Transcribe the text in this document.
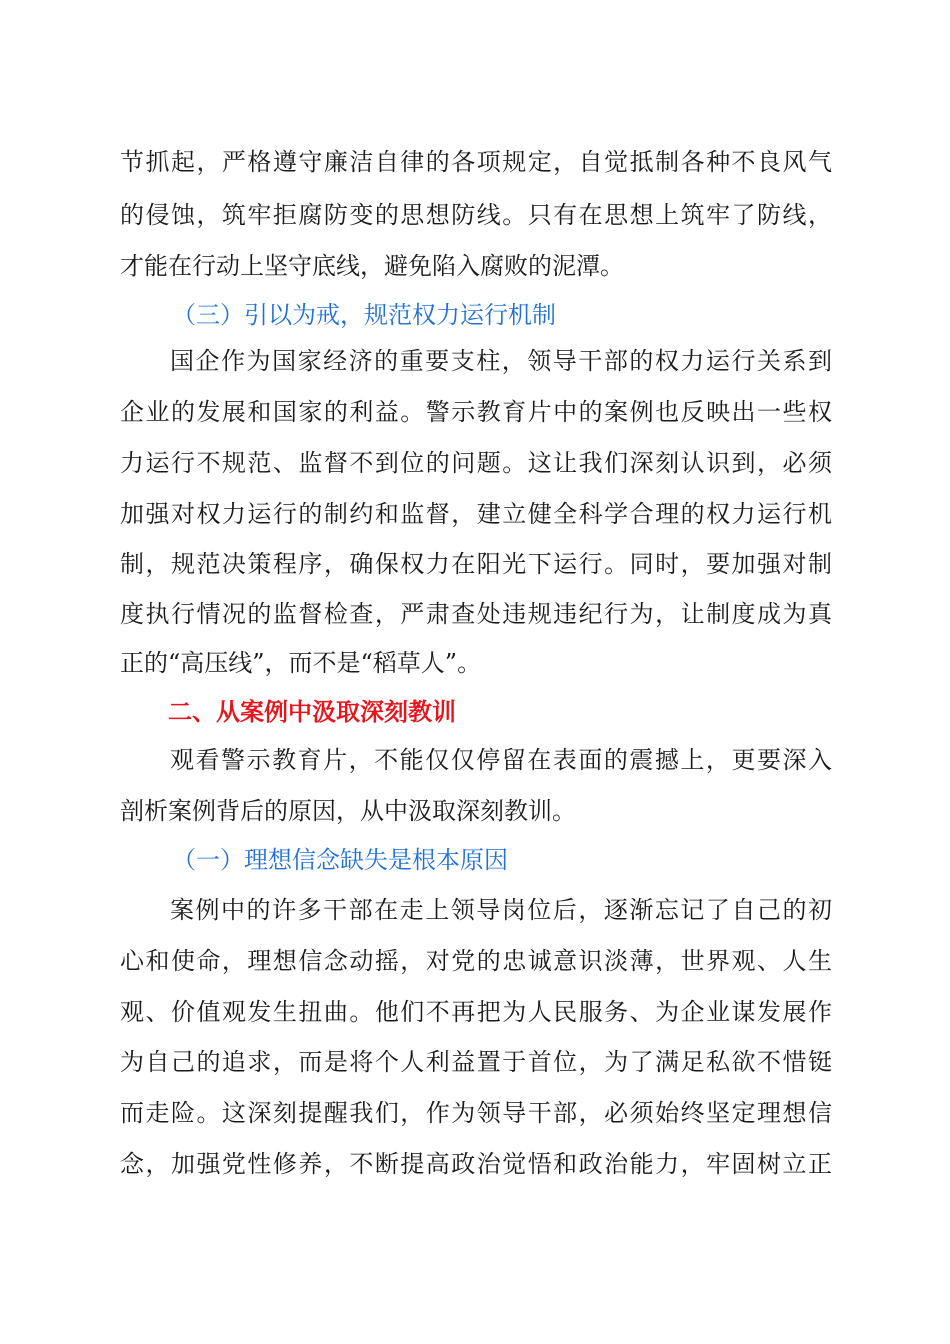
节抓起，严格遵守廉洁自律的各项规定，自觉抵制各种不良风气
的侵蚀，筑牢拒腐防变的思想防线。只有在思想上筑牢了防线，
才能在行动上坚守底线，避免陷入腐败的泥潭。
（三）引以为戒，规范权力运行机制
国企作为国家经济的重要支柱，领导干部的权力运行关系到
企业的发展和国家的利益。警示教育片中的案例也反映出一些权
力运行不规范、监督不到位的问题。这让我们深刻认识到，必须
加强对权力运行的制约和监督，建立健全科学合理的权力运行机
制，规范决策程序，确保权力在阳光下运行。同时，要加强对制
度执行情况的监督检查，严肃查处违规违纪行为，让制度成为真
正的“高压线”，而不是“稻草人”。
二、从案例中汲取深刻教训
观看警示教育片，不能仅仅停留在表面的震撼上，更要深入
剖析案例背后的原因，从中汲取深刻教训。
（一）理想信念缺失是根本原因
案例中的许多干部在走上领导岗位后，逐渐忘记了自己的初
心和使命，理想信念动摇，对党的忠诚意识淡薄，世界观、人生
观、价值观发生扭曲。他们不再把为人民服务、为企业谋发展作
为自己的追求，而是将个人利益置于首位，为了满足私欲不惜铤
而走险。这深刻提醒我们，作为领导干部，必须始终坚定理想信
念，加强党性修养，不断提高政治觉悟和政治能力，牢固树立正
